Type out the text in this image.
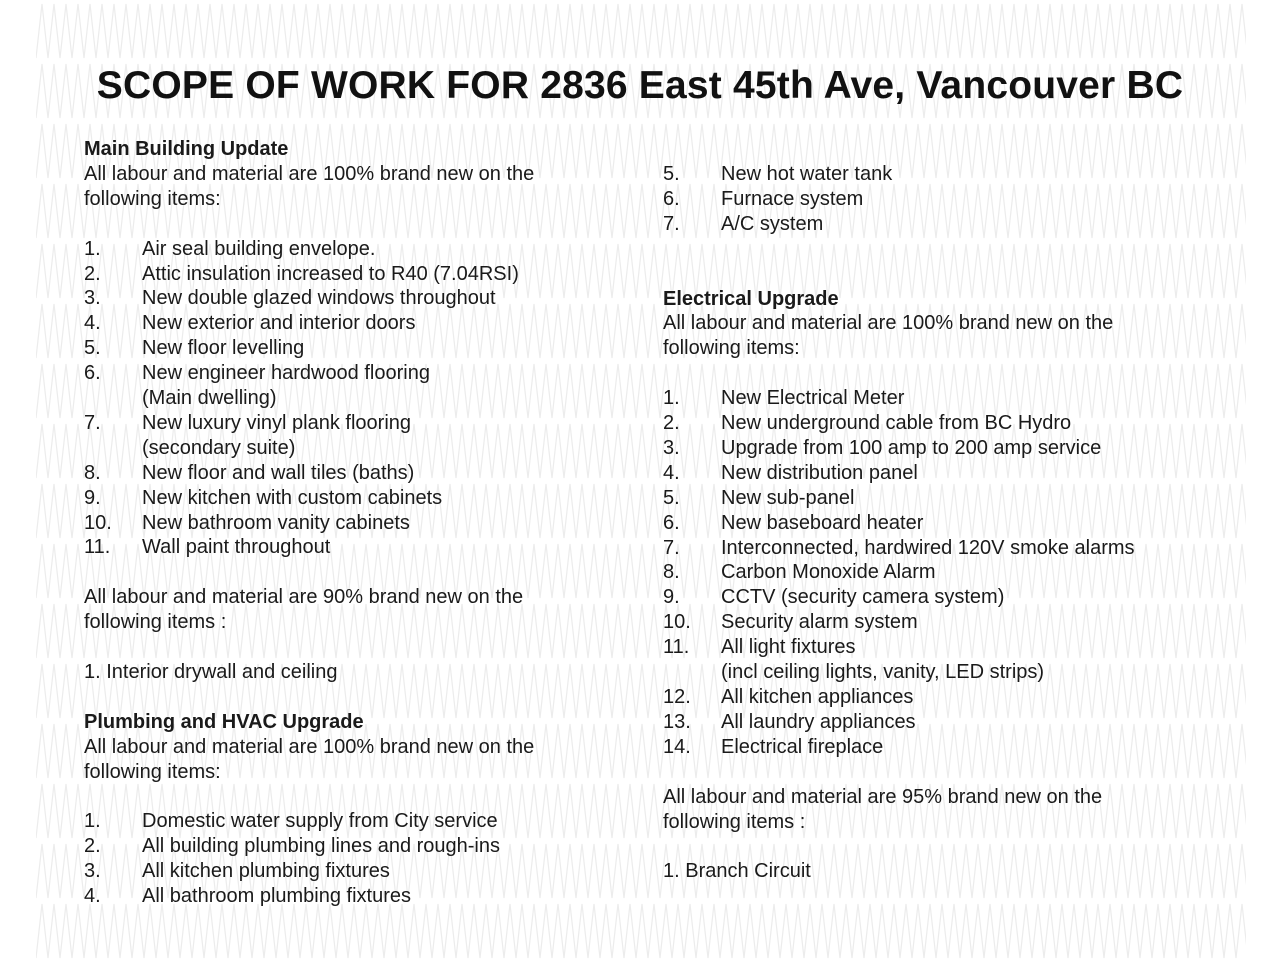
SCOPE OF WORK FOR 2836 East 45th Ave, Vancouver BC
Main Building Update
All labour and material are 100% brand new on the
following items:
1.	Air seal building envelope.
2.	Attic insulation increased to R40 (7.04RSI)
3.	New double glazed windows throughout
4.	New exterior and interior doors
5.	New floor levelling
6.	New engineer hardwood flooring
(Main dwelling)
7.	New luxury vinyl plank flooring
(secondary suite)
8.	New floor and wall tiles (baths)
9.	New kitchen with custom cabinets
10.	New bathroom vanity cabinets
11.	Wall paint throughout
All labour and material are 90% brand new on the
following items :
1. Interior drywall and ceiling
Plumbing and HVAC Upgrade
All labour and material are 100% brand new on the
following items:
1.	Domestic water supply from City service
2.	All building plumbing lines and rough-ins
3.	All kitchen plumbing fixtures
4.	All bathroom plumbing fixtures
5.	New hot water tank
6.	Furnace system
7.	A/C system
Electrical Upgrade
All labour and material are 100% brand new on the
following items:
1.	New Electrical Meter
2.	New underground cable from BC Hydro
3.	Upgrade from 100 amp to 200 amp service
4.	New distribution panel
5.	New sub-panel
6.	New baseboard heater
7.	Interconnected, hardwired 120V smoke alarms
8.	Carbon Monoxide Alarm
9.	CCTV (security camera system)
10.	Security alarm system
11.	All light fixtures
(incl ceiling lights, vanity, LED strips)
12.	All kitchen appliances
13.	All laundry appliances
14.	Electrical fireplace
All labour and material are 95% brand new on the
following items :
1. Branch Circuit
